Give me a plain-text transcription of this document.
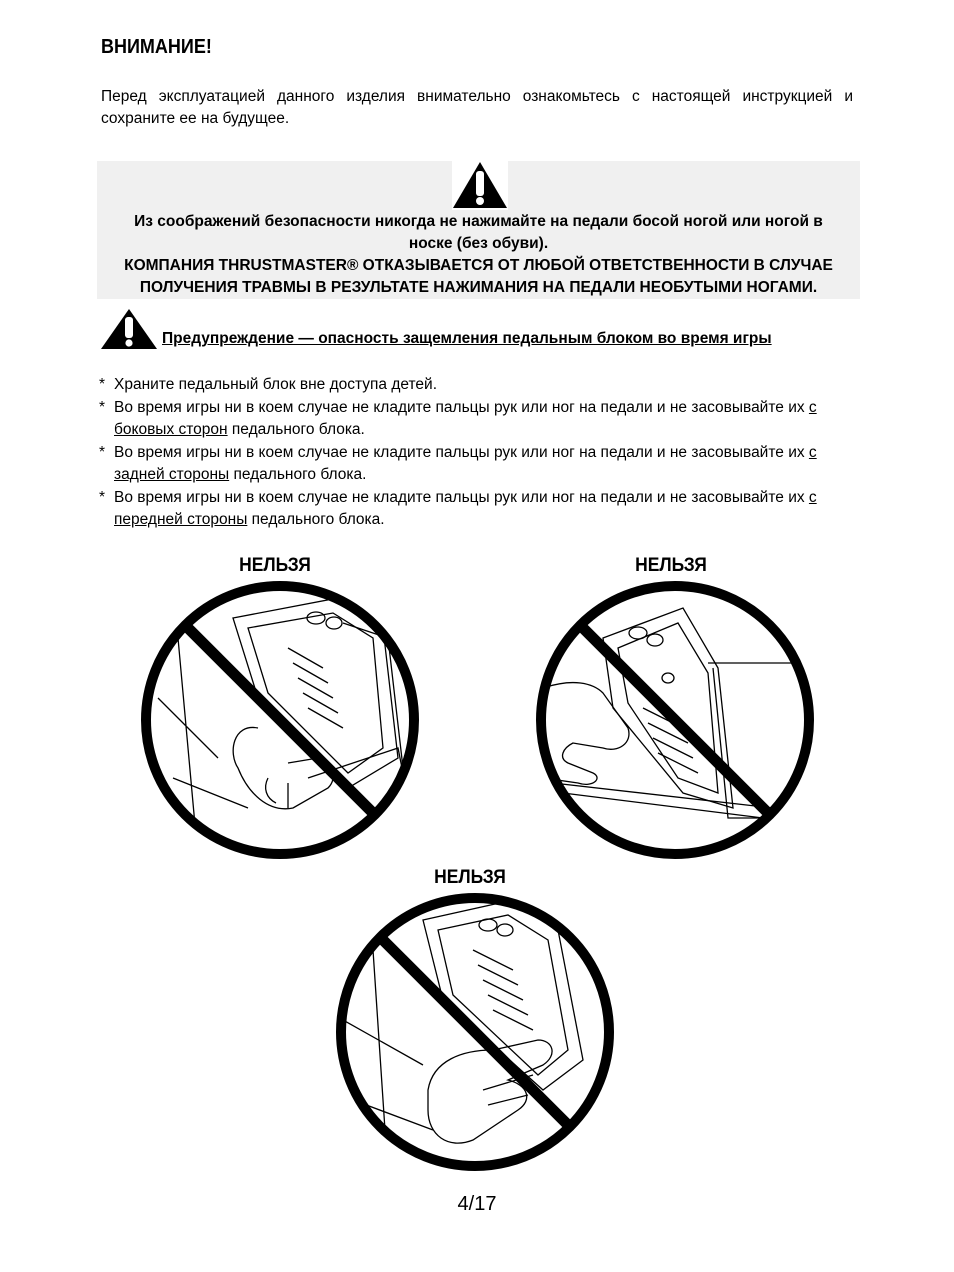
ВНИМАНИЕ!
Перед эксплуатацией данного изделия внимательно ознакомьтесь с настоящей инструкцией и сохраните ее на будущее.
Из соображений безопасности никогда не нажимайте на педали босой ногой или ногой в носке (без обуви).
КОМПАНИЯ THRUSTMASTER® ОТКАЗЫВАЕТСЯ ОТ ЛЮБОЙ ОТВЕТСТВЕННОСТИ В СЛУЧАЕ ПОЛУЧЕНИЯ ТРАВМЫ В РЕЗУЛЬТАТЕ НАЖИМАНИЯ НА ПЕДАЛИ НЕОБУТЫМИ НОГАМИ.
Предупреждение — опасность защемления педальным блоком во время игры
* Храните педальный блок вне доступа детей.
* Во время игры ни в коем случае не кладите пальцы рук или ног на педали и не засовывайте их с боковых сторон педального блока.
* Во время игры ни в коем случае не кладите пальцы рук или ног на педали и не засовывайте их с задней стороны педального блока.
* Во время игры ни в коем случае не кладите пальцы рук или ног на педали и не засовывайте их с передней стороны педального блока.
НЕЛЬЗЯ	НЕЛЬЗЯ
НЕЛЬЗЯ
4/17
